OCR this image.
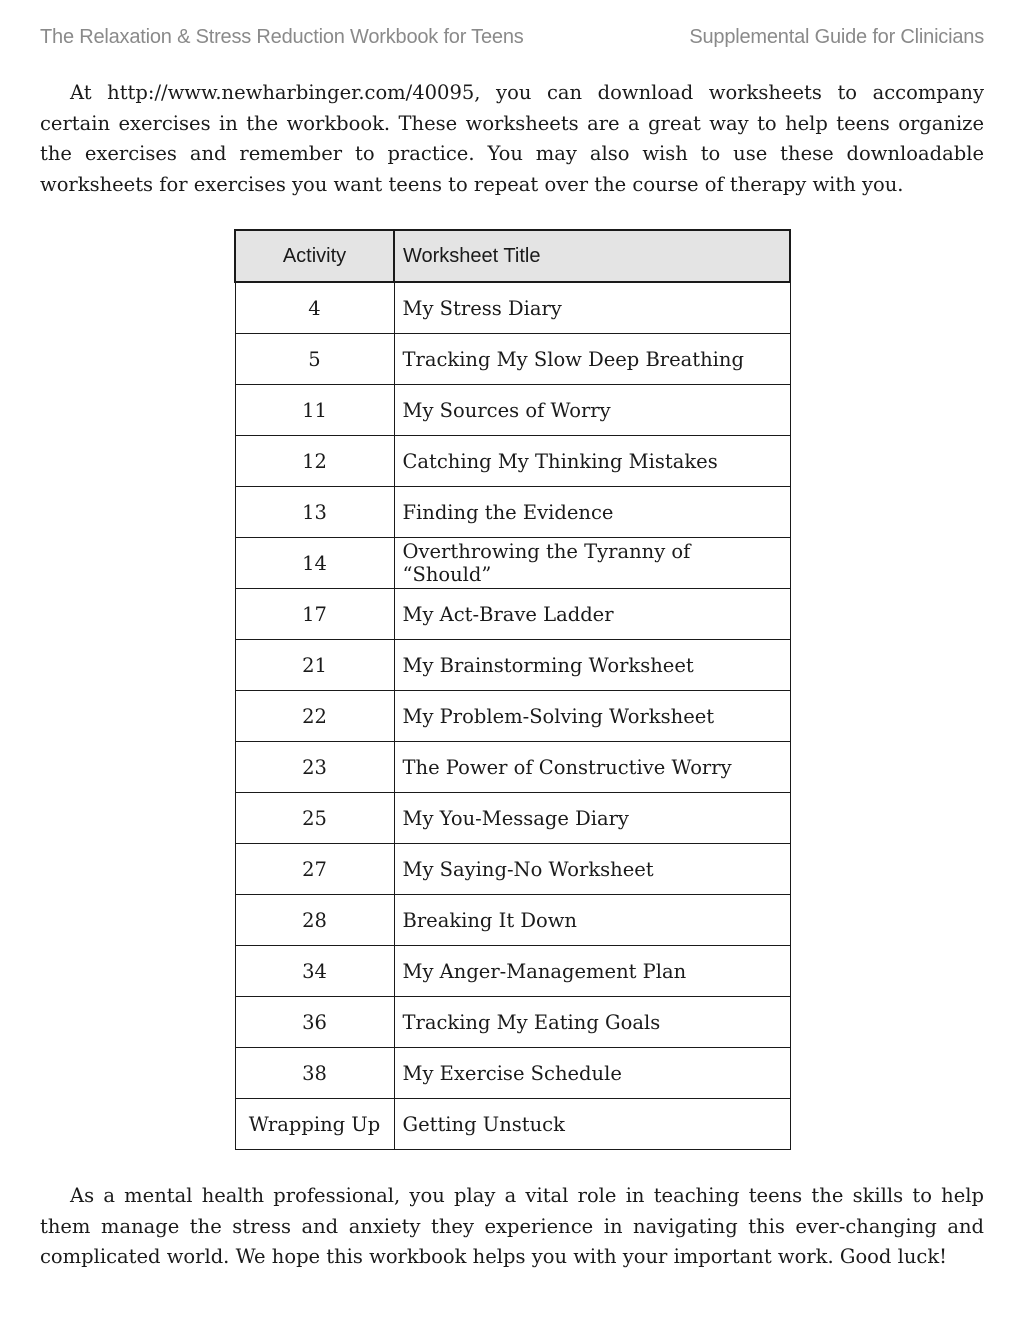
The Relaxation & Stress Reduction Workbook for Teens	Supplemental Guide for Clinicians

At http://www.newharbinger.com/40095, you can download worksheets to accompany certain exercises in the workbook. These worksheets are a great way to help teens organize the exercises and remember to practice. You may also wish to use these downloadable worksheets for exercises you want teens to repeat over the course of therapy with you.

Activity	Worksheet Title
4	My Stress Diary
5	Tracking My Slow Deep Breathing
11	My Sources of Worry
12	Catching My Thinking Mistakes
13	Finding the Evidence
14	Overthrowing the Tyranny of “Should”
17	My Act-Brave Ladder
21	My Brainstorming Worksheet
22	My Problem-Solving Worksheet
23	The Power of Constructive Worry
25	My You-Message Diary
27	My Saying-No Worksheet
28	Breaking It Down
34	My Anger-Management Plan
36	Tracking My Eating Goals
38	My Exercise Schedule
Wrapping Up	Getting Unstuck

As a mental health professional, you play a vital role in teaching teens the skills to help them manage the stress and anxiety they experience in navigating this ever-changing and complicated world. We hope this workbook helps you with your important work. Good luck!
